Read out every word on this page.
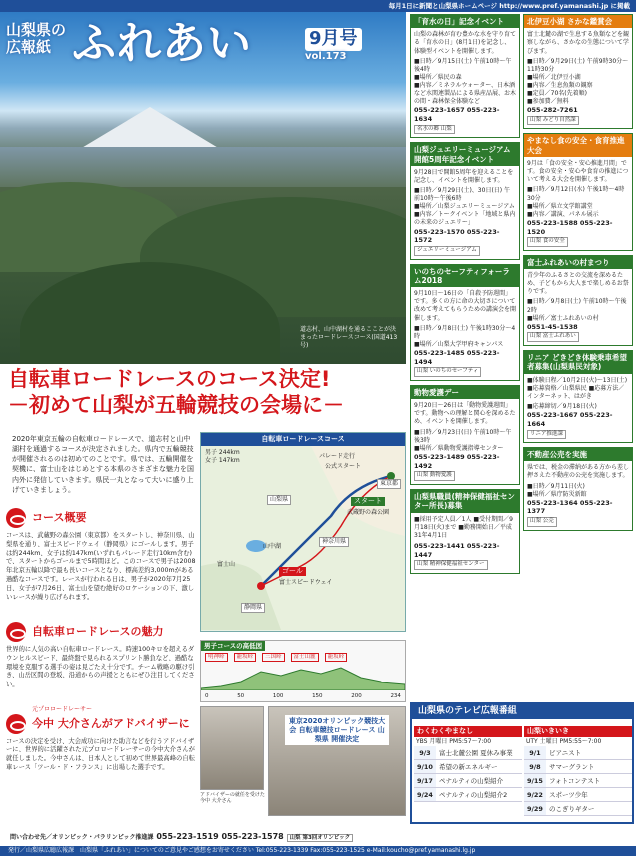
毎月1日に新聞と山梨県ホームページ http://www.pref.yamanashi.jp に掲載
山梨県の
広報紙 ふれあい	9月号
vol.173
道志村、山中湖村を通るこことが決まったロードレースコース(国道413号)
自転車ロードレースのコース決定!
－初めて山梨が五輪競技の会場に－
2020年東京五輪の自転車ロードレースで、道志村と山中湖村を通過するコースが決定されました。県内で五輪競技が開催されるのは初めてのことです。県では、五輪開催を契機に、富士山をはじめとする本県のさまざまな魅力を国内外に発信していきます。県民一丸となって大いに盛り上げていきましょう。
コース概要
コースは、武蔵野の森公園（東京都）をスタートし、神奈川県、山梨県を通り、富士スピードウェイ（静岡県）にゴールします。男子は約244km、女子は約147km(いずれもパレード走行10km含む)で、スタートからゴールまで5時間ほど。このコースで男子は2008年北京五輪以降で最も長いコースとなり、標高差約3,000mがある過酷なコースです。レースが行われる日は、男子が2020年7月25日、女子が7月26日、富士山を望む絶好のロケーションの下、激しいレースが繰り広げられます。
自転車ロードレースの魅力
世界的に人気の高い自転車ロードレース。時速100キロを超えるダウンヒルスピード、最終盤で見られるスプリント勝負など、過酷な環境を克服する選手の姿は見ごたえ十分です。チーム戦略の駆け引き、山岳区間の登坂、沿道からの声援とともにぜひ注目してください。
元プロロードレーサー
今中 大介さんがアドバイザーに
コースの決定を受け、大会成功に向けた助言などを行うアドバイザーに、世界的に活躍された元プロロードレーサーの今中大介さんが就任しました。今中さんは、日本人として初めて世界最高峰の自転車レース「ツール・ド・フランス」に出場した選手です。
自転車ロードレースコース
男子 244km
女子 147km	パレード走行
公式スタート
スタート
武蔵野の森公園
東京都
神奈川県
山梨県
静岡県
山中湖
富士山
ゴール
富士スピードウェイ
男子コースの高低図
明神峠	籠坂峠	三国峠	富士山麓	籠坂峠
0	50	100	150	200	234
アドバイザーの就任を受けた今中 大介さん
東京2020オリンピック競技大会 自転車競技ロードレース 山梨県 開催決定
問い合わせ先／オリンピック・パラリンピック推進課 055-223-1519 055-223-1578 山梨 第3回オリンピック
「育水の日」記念イベント

山梨の森林が育む豊かな水を守り育てる「育水の日」(8月1日)を記念し、体験型イベントを開催します。

■日時／9月15日(土) 午前10時〜午後4時
■場所／県民の森
■内容／ミネラルウォーター、日本酒など水関連製品による県産品展、お木の間・森林保全体験など
055-223-1657 055-223-1634
名水の郷 山梨
山梨ジュエリーミュージアム開館5周年記念イベント

9月28日で開館5周年を迎えることを記念し、イベントを開催します。

■日時／9月29日(土)、30日(日) 午前10時〜午後6時
■場所／山梨ジュエリーミュージアム
■内容／トークイベント「地域と県内の未来のジュエリー」
055-223-1570 055-223-1572
ジェエリーミュージアム
いのちのセーフティフォーラム2018

9月10日〜16日の「自殺予防週間」です。多くの方に命の大切さについて改めて考えてもらうための講演会を開催します。

■日時／9月8日(土) 午後1時30分〜4時
■場所／山梨大学甲府キャンパス
055-223-1485 055-223-1494
山梨 いのちのセーフティ
動物愛護デー

9月20日〜26日は「動物愛護週間」です。動物への理解と関心を深めるため、イベントを開催します。

■日時／9月23日(日) 午前10時〜午後3時
■場所／県動物愛護指導センター
055-223-1489 055-223-1492
山梨 動物愛護
山梨県職員(精神保健福祉センター所長)募集

■採用予定人員／1人 ■受付期間／9月18日(火)まで ■勤務開始日／平成31年4月1日

055-223-1441 055-223-1447
山梨 精神保健福祉センター
北伊豆小湖 さかな鑑賞会

富士北麓の湖で生息する魚類などを観察しながら、さかなの生態について学びます。

■日時／9月29日(土) 午前9時30分〜11時30分
■場所／北伊豆小湖
■内容／生息魚類の観察
■定員／70名(先着順)
■参加費／無料
055-282-7261
山梨 みどり自然課
やまなし食の安全・食育推進大会

9月は「食の安全・安心推進月間」です。食の安全・安心や食育の推進について考える大会を開催します。

■日時／9月12日(水) 午後1時〜4時30分
■場所／県立文学館講堂
■内容／講演、パネル展示
055-223-1588 055-223-1520
山梨 食の安全
富士ふれあいの村まつり

青少年のふるさとの交流を深めるため、子どもから大人まで楽しめるお祭りです。

■日時／9月8日(土) 午前10時〜午後2時
■場所／富士ふれあいの村
0551-45-1538
山梨 富士ふれあい
リニア どきどき体験乗車希望者募集(山梨県民対象)

■体験日程／10月2日(火)〜13日(土) ■応募資格／山梨県民 ■応募方法／インターネット、はがき

■応募締切／9月18日(火)
055-223-1667 055-223-1664
リニア推進課
不動産公売を実施

県では、税金の滞納がある方から差し押さえた不動産の公売を実施します。

■日時／9月11日(火)
■場所／県庁防災新館
055-223-1364 055-223-1377
山梨 公売
山梨県のテレビ広報番組
わくわくやまなし
YBS 月曜日 PM5:57〜7:00
9/3	富士北麓公園 夏休み事業
9/10 希望の新エネルギー
9/17 ペナルティの山梨紹介
9/24 ペナルティの山梨紹介2
山梨いきいき
UTY 土曜日 PM5:55〜7:00
9/1	ピアニスト
9/8	サマーグラント
9/15 フォトコンテスト
9/22 スポーツ少年
9/29 のこぎりギター
発行／山梨県広聴広報課　山梨県「ふれあい」についてのご意見やご感想をお寄せください Tel:055-223-1339 Fax:055-223-1525 e-Mail:koucho@pref.yamanashi.lg.jp
